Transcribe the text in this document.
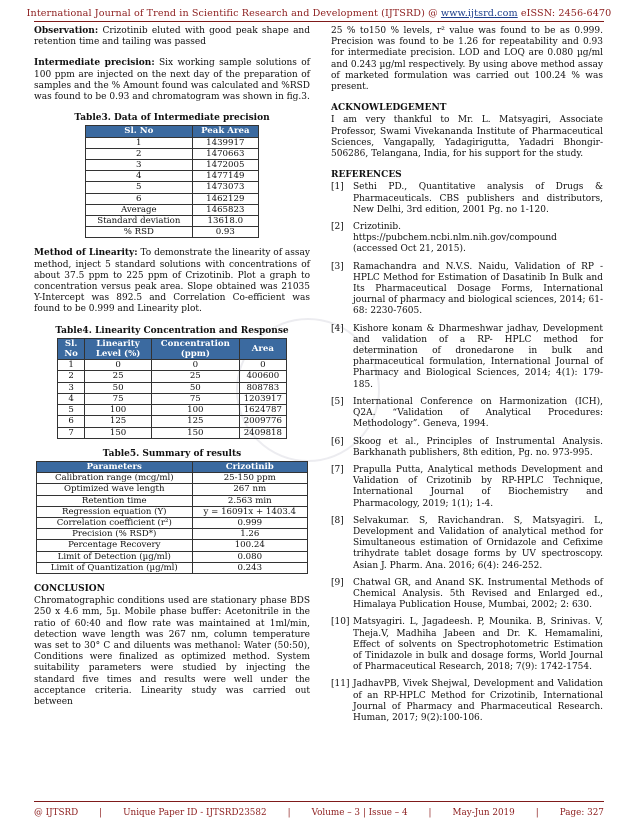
International Journal of Trend in Scientific Research and Development (IJTSRD) @ www.ijtsrd.com eISSN: 2456-6470

Observation: Crizotinib eluted with good peak shape and retention time and tailing was passed

Intermediate precision: Six working sample solutions of 100 ppm are injected on the next day of the preparation of samples and the % Amount found was calculated and %RSD was found to be 0.93 and chromatogram was shown in fig.3.

Table3. Data of Intermediate precision
Sl. No	Peak Area
1	1439917
2	1470663
3	1472005
4	1477149
5	1473073
6	1462129
Average	1465823
Standard deviation	13618.0
% RSD	0.93

Method of Linearity: To demonstrate the linearity of assay method, inject 5 standard solutions with concentrations of about 37.5 ppm to 225 ppm of Crizotinib. Plot a graph to concentration versus peak area. Slope obtained was 21035 Y-Intercept was 892.5 and Correlation Co-efficient was found to be 0.999 and Linearity plot.

Table4. Linearity Concentration and Response
Sl. No	Linearity Level (%)	Concentration (ppm)	Area
1	0	0	0
2	25	25	400600
3	50	50	808783
4	75	75	1203917
5	100	100	1624787
6	125	125	2009776
7	150	150	2409818
Table5. Summary of results
Parameters	Crizotinib
Calibration range (mcg/ml)	25-150 ppm
Optimized wave length	267 nm
Retention time	2.563 min
Regression equation (Y)	y = 16091x + 1403.4
Correlation coefficient (r²)	0.999
Precision (% RSD*)	1.26
Percentage Recovery	100.24
Limit of Detection (µg/ml)	0.080
Limit of Quantization (µg/ml)	0.243
CONCLUSION

Chromatographic conditions used are stationary phase BDS 250 x 4.6 mm, 5µ. Mobile phase buffer: Acetonitrile in the ratio of 60:40 and flow rate was maintained at 1ml/min, detection wave length was 267 nm, column temperature was set to 30° C and diluents was methanol: Water (50:50), Conditions were finalized as optimized method. System suitability parameters were studied by injecting the standard five times and results were well under the acceptance criteria. Linearity study was carried out between

25 % to150 % levels, r² value was found to be as 0.999. Precision was found to be 1.26 for repeatability and 0.93 for intermediate precision. LOD and LOQ are 0.080 µg/ml and 0.243 µg/ml respectively. By using above method assay of marketed formulation was carried out 100.24 % was present.

ACKNOWLEDGEMENT

I am very thankful to Mr. L. Matsyagiri, Associate Professor, Swami Vivekananda Institute of Pharmaceutical Sciences, Vangapally, Yadagirigutta, Yadadri Bhongir-506286, Telangana, India, for his support for the study.

REFERENCES
[1]	Sethi PD., Quantitative analysis of Drugs & Pharmaceuticals. CBS publishers and distributors, New Delhi, 3rd edition, 2001 Pg. no 1-120.
[2]	Crizotinib. https://pubchem.ncbi.nlm.nih.gov/compound (accessed Oct 21, 2015).
[3]	Ramachandra and N.V.S. Naidu, Validation of RP -HPLC Method for Estimation of Dasatinib In Bulk and Its Pharmaceutical Dosage Forms, International journal of pharmacy and biological sciences, 2014; 61-68: 2230-7605.
[4]	Kishore konam & Dharmeshwar jadhav, Development and validation of a RP- HPLC method for determination of dronedarone in bulk and pharmaceutical formulation, International Journal of Pharmacy and Biological Sciences, 2014; 4(1): 179-185.
[5]	International Conference on Harmonization (ICH), Q2A. “Validation of Analytical Procedures: Methodology”. Geneva, 1994.
[6]	Skoog et al., Principles of Instrumental Analysis. Barkhanath publishers, 8th edition, Pg. no. 973-995.
[7]	Prapulla Putta, Analytical methods Development and Validation of Crizotinib by RP-HPLC Technique, International Journal of Biochemistry and Pharmacology, 2019; 1(1); 1-4.
[8]	Selvakumar. S, Ravichandran. S, Matsyagiri. L, Development and Validation of analytical method for Simultaneous estimation of Ornidazole and Cefixime trihydrate tablet dosage forms by UV spectroscopy. Asian J. Pharm. Ana. 2016; 6(4): 246-252.
[9]	Chatwal GR, and Anand SK. Instrumental Methods of Chemical Analysis. 5th Revised and Enlarged ed., Himalaya Publication House, Mumbai, 2002; 2: 630.
[10] Matsyagiri. L, Jagadeesh. P, Mounika. B, Srinivas. V, Theja.V, Madhiha Jabeen and Dr. K. Hemamalini, Effect of solvents on Spectrophotometric Estimation of Tinidazole in bulk and dosage forms, World Journal of Pharmaceutical Research, 2018; 7(9): 1742-1754.
[11] JadhavPB, Vivek Shejwal, Development and Validation of an RP-HPLC Method for Crizotinib, International Journal of Pharmacy and Pharmaceutical Research. Human, 2017; 9(2):100-106.
@ IJTSRD | Unique Paper ID - IJTSRD23582 | Volume – 3 | Issue – 4 | May-Jun 2019 | Page: 327
